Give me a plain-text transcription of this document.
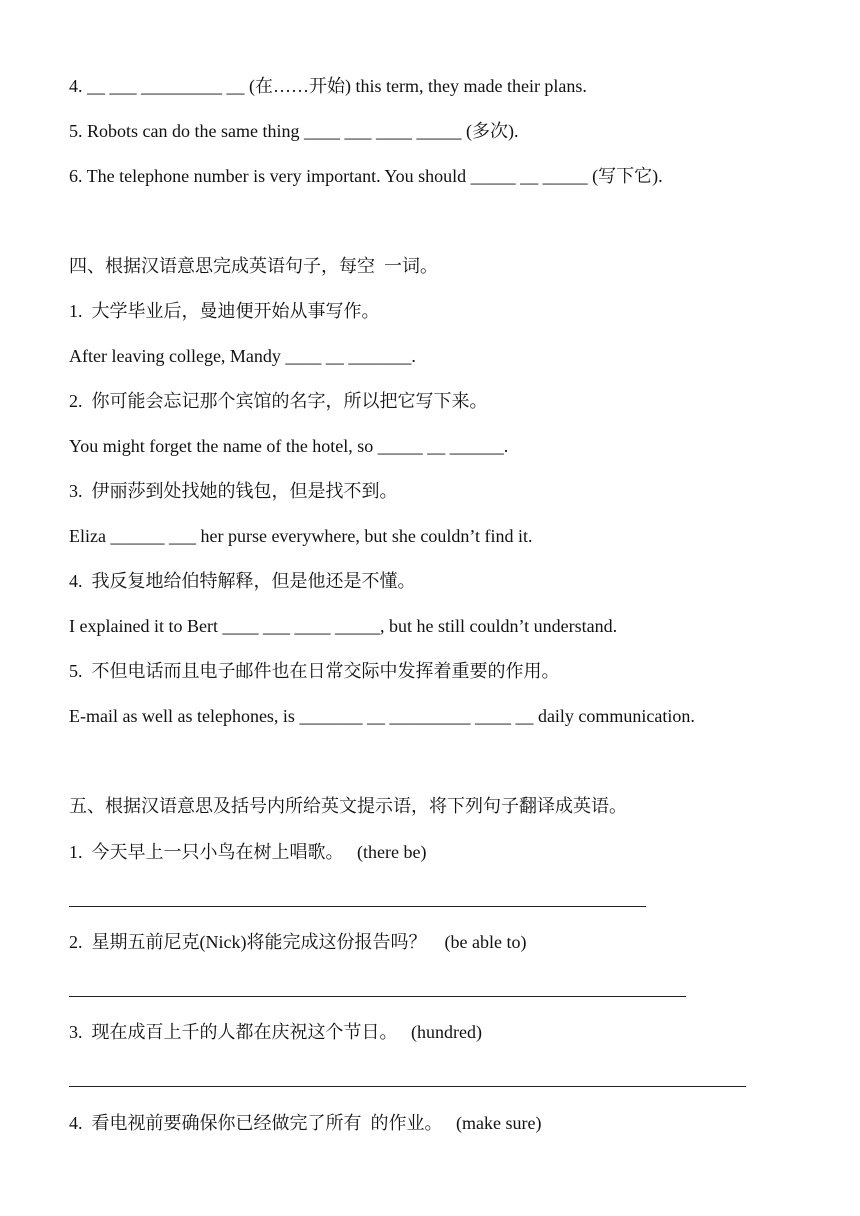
4. __ ___ _________ __ (在……开始) this term, they made their plans.
5. Robots can do the same thing ____ ___ ____ _____ (多次).
6. The telephone number is very important. You should _____ __ _____ (写下它).
四、根据汉语意思完成英语句子，每空  一词。
1.  大学毕业后，曼迪便开始从事写作。
After leaving college, Mandy ____ __ _______.
2.  你可能会忘记那个宾馆的名字，所以把它写下来。
You might forget the name of the hotel, so _____ __ ______.
3.  伊丽莎到处找她的钱包，但是找不到。
Eliza ______ ___ her purse everywhere, but she couldn’t find it.
4.  我反复地给伯特解释，但是他还是不懂。
I explained it to Bert ____ ___ ____ _____, but he still couldn’t understand.
5.  不但电话而且电子邮件也在日常交际中发挥着重要的作用。
E-mail as well as telephones, is _______ __ _________ ____ __ daily communication.
五、根据汉语意思及括号内所给英文提示语，将下列句子翻译成英语。
1.  今天早上一只小鸟在树上唱歌。   (there be)
2.  星期五前尼克(Nick)将能完成这份报告吗？    (be able to)
3.  现在成百上千的人都在庆祝这个节日。   (hundred)
4.  看电视前要确保你已经做完了所有  的作业。   (make sure)
